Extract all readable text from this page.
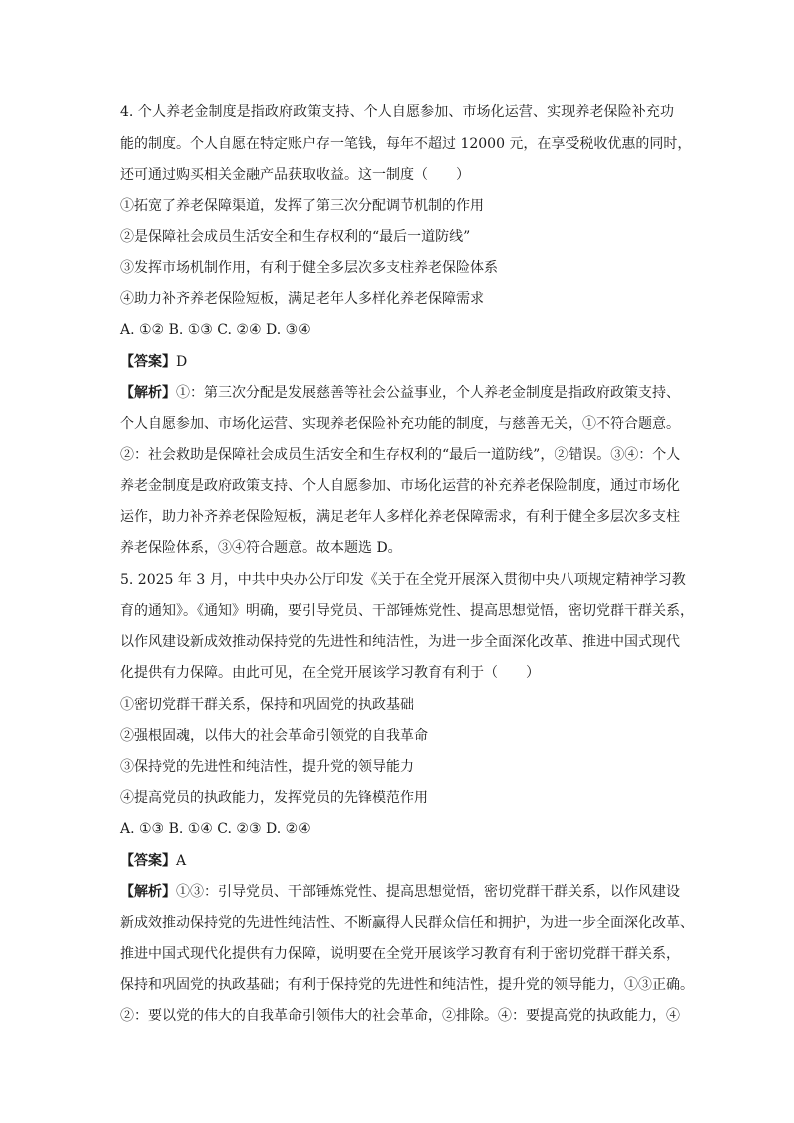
4. 个人养老金制度是指政府政策支持、个人自愿参加、市场化运营、实现养老保险补充功
能的制度。个人自愿在特定账户存一笔钱，每年不超过 12000 元，在享受税收优惠的同时，
还可通过购买相关金融产品获取收益。这一制度（　　）
①拓宽了养老保障渠道，发挥了第三次分配调节机制的作用
②是保障社会成员生活安全和生存权利的“最后一道防线”
③发挥市场机制作用，有利于健全多层次多支柱养老保险体系
④助力补齐养老保险短板，满足老年人多样化养老保障需求
A. ①② B. ①③ C. ②④ D. ③④
【答案】D
【解析】①：第三次分配是发展慈善等社会公益事业，个人养老金制度是指政府政策支持、
个人自愿参加、市场化运营、实现养老保险补充功能的制度，与慈善无关，①不符合题意。
②：社会救助是保障社会成员生活安全和生存权利的“最后一道防线”，②错误。③④：个人
养老金制度是政府政策支持、个人自愿参加、市场化运营的补充养老保险制度，通过市场化
运作，助力补齐养老保险短板，满足老年人多样化养老保障需求，有利于健全多层次多支柱
养老保险体系，③④符合题意。故本题选 D。
5. 2025 年 3 月，中共中央办公厅印发《关于在全党开展深入贯彻中央八项规定精神学习教
育的通知》。《通知》明确，要引导党员、干部锤炼党性、提高思想觉悟，密切党群干群关系，
以作风建设新成效推动保持党的先进性和纯洁性，为进一步全面深化改革、推进中国式现代
化提供有力保障。由此可见，在全党开展该学习教育有利于（　　）
①密切党群干群关系，保持和巩固党的执政基础
②强根固魂，以伟大的社会革命引领党的自我革命
③保持党的先进性和纯洁性，提升党的领导能力
④提高党员的执政能力，发挥党员的先锋模范作用
A. ①③ B. ①④ C. ②③ D. ②④
【答案】A
【解析】①③：引导党员、干部锤炼党性、提高思想觉悟，密切党群干群关系，以作风建设
新成效推动保持党的先进性纯洁性、不断赢得人民群众信任和拥护，为进一步全面深化改革、
推进中国式现代化提供有力保障，说明要在全党开展该学习教育有利于密切党群干群关系，
保持和巩固党的执政基础；有利于保持党的先进性和纯洁性，提升党的领导能力，①③正确。
②：要以党的伟大的自我革命引领伟大的社会革命，②排除。④：要提高党的执政能力，④
